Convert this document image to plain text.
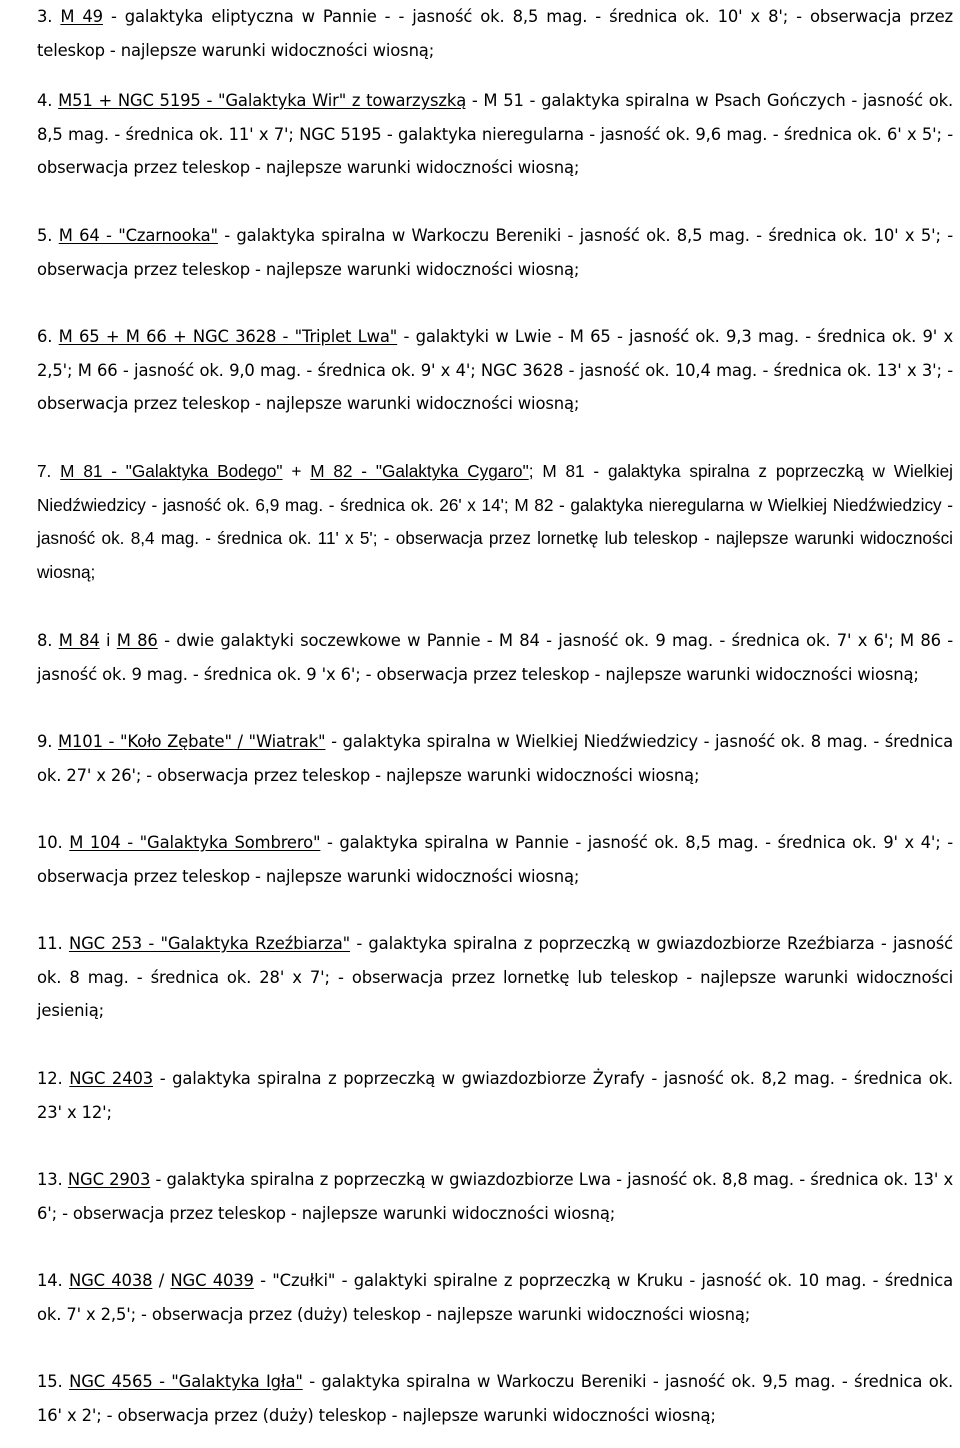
3. M 49 - galaktyka eliptyczna w Pannie - - jasność ok. 8,5 mag. - średnica ok. 10' x 8'; - obserwacja przez teleskop - najlepsze warunki widoczności wiosną;
4. M51 + NGC 5195 - "Galaktyka Wir" z towarzyszką - M 51 - galaktyka spiralna w Psach Gończych - jasność ok. 8,5 mag. - średnica ok. 11' x 7'; NGC 5195 - galaktyka nieregularna - jasność ok. 9,6 mag. - średnica ok. 6' x 5'; - obserwacja przez teleskop - najlepsze warunki widoczności wiosną;
5. M 64 - "Czarnooka" - galaktyka spiralna w Warkoczu Bereniki - jasność ok. 8,5 mag. - średnica ok. 10' x 5'; - obserwacja przez teleskop - najlepsze warunki widoczności wiosną;
6. M 65 + M 66 + NGC 3628 - "Triplet Lwa" - galaktyki w Lwie - M 65 - jasność ok. 9,3 mag. - średnica ok. 9' x 2,5'; M 66 - jasność ok. 9,0 mag. - średnica ok. 9' x 4'; NGC 3628 - jasność ok. 10,4 mag. - średnica ok. 13' x 3'; - obserwacja przez teleskop - najlepsze warunki widoczności wiosną;
7. M 81 - "Galaktyka Bodego" + M 82 - "Galaktyka Cygaro"; M 81 - galaktyka spiralna z poprzeczką w Wielkiej Niedźwiedzicy - jasność ok. 6,9 mag. - średnica ok. 26' x 14'; M 82 - galaktyka nieregularna w Wielkiej Niedźwiedzicy - jasność ok. 8,4 mag. - średnica ok. 11' x 5'; - obserwacja przez lornetkę lub teleskop - najlepsze warunki widoczności wiosną;
8. M 84 i M 86 - dwie galaktyki soczewkowe w Pannie - M 84 - jasność ok. 9 mag. - średnica ok. 7' x 6'; M 86 - jasność ok. 9 mag. - średnica ok. 9 'x 6'; - obserwacja przez teleskop - najlepsze warunki widoczności wiosną;
9. M101 - "Koło Zębate" / "Wiatrak" - galaktyka spiralna w Wielkiej Niedźwiedzicy - jasność ok. 8 mag. - średnica ok. 27' x 26'; - obserwacja przez teleskop - najlepsze warunki widoczności wiosną;
10. M 104 - "Galaktyka Sombrero" - galaktyka spiralna w Pannie - jasność ok. 8,5 mag. - średnica ok. 9' x 4'; - obserwacja przez teleskop - najlepsze warunki widoczności wiosną;
11. NGC 253 - "Galaktyka Rzeźbiarza" - galaktyka spiralna z poprzeczką w gwiazdozbiorze Rzeźbiarza - jasność ok. 8 mag. - średnica ok. 28' x 7'; - obserwacja przez lornetkę lub teleskop - najlepsze warunki widoczności jesienią;
12. NGC 2403 - galaktyka spiralna z poprzeczką w gwiazdozbiorze Żyrafy - jasność ok. 8,2 mag. - średnica ok. 23' x 12';
13. NGC 2903 - galaktyka spiralna z poprzeczką w gwiazdozbiorze Lwa - jasność ok. 8,8 mag. - średnica ok. 13' x 6'; - obserwacja przez teleskop - najlepsze warunki widoczności wiosną;
14. NGC 4038 / NGC 4039 - "Czułki" - galaktyki spiralne z poprzeczką w Kruku - jasność ok. 10 mag. - średnica ok. 7' x 2,5'; - obserwacja przez (duży) teleskop - najlepsze warunki widoczności wiosną;
15. NGC 4565 - "Galaktyka Igła" - galaktyka spiralna w Warkoczu Bereniki - jasność ok. 9,5 mag. - średnica ok. 16' x 2'; - obserwacja przez (duży) teleskop - najlepsze warunki widoczności wiosną;
